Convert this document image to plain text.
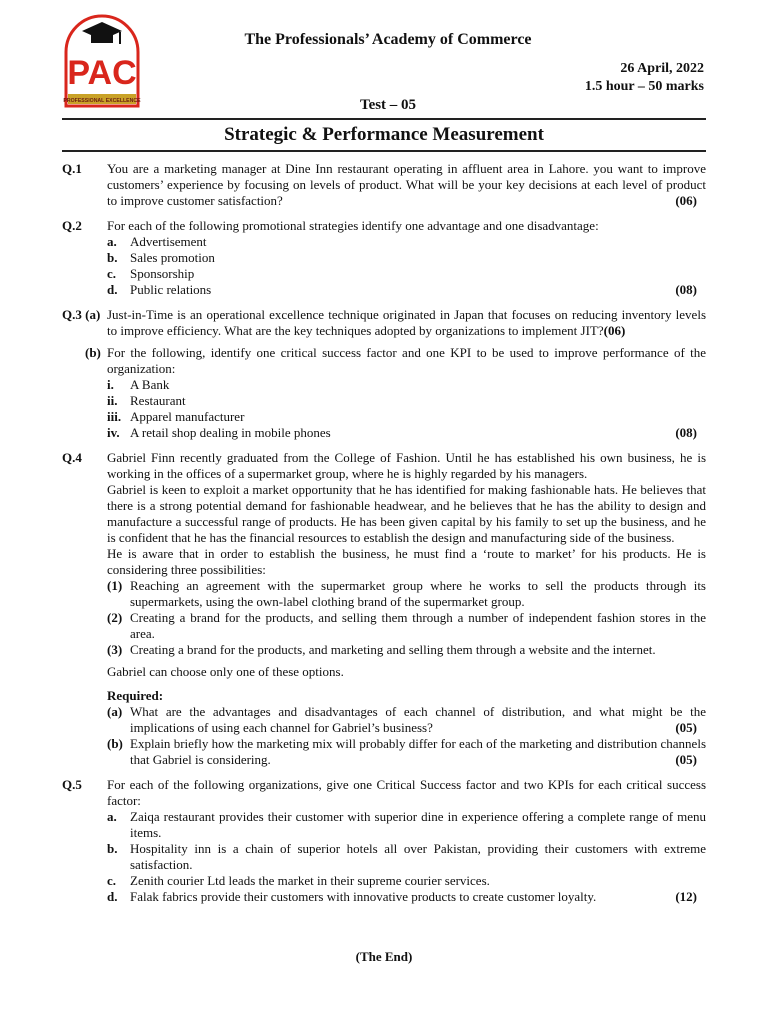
PAC
PROFESSIONAL EXCELLENCE
The Professionals’ Academy of Commerce
26 April, 2022
1.5 hour – 50 marks
Test – 05
Strategic & Performance Measurement
Q.1	You are a marketing manager at Dine Inn restaurant operating in affluent area in Lahore. you want to improve customers’ experience by focusing on levels of product. What will be your key decisions at each level of product to improve customer satisfaction?	(06)
Q.2	For each of the following promotional strategies identify one advantage and one disadvantage:

a.	Advertisement
b. Sales promotion
c.	Sponsorship
d. Public relations	(08)
Q.3 (a) Just-in-Time is an operational excellence technique originated in Japan that focuses on reducing inventory levels to improve efficiency. What are the key techniques adopted by organizations to implement JIT?(06)
(b) For the following, identify one critical success factor and one KPI to be used to improve performance of the organization:

i.	A Bank
ii. Restaurant
iii. Apparel manufacturer
iv. A retail shop dealing in mobile phones	(08)
Q.4	Gabriel Finn recently graduated from the College of Fashion. Until he has established his own business, he is working in the offices of a supermarket group, where he is highly regarded by his managers.

Gabriel is keen to exploit a market opportunity that he has identified for making fashionable hats. He believes that there is a strong potential demand for fashionable headwear, and he believes that he has the ability to design and manufacture a successful range of products. He has been given capital by his family to set up the business, and he is confident that he has the financial resources to establish the design and manufacturing side of the business.

He is aware that in order to establish the business, he must find a ‘route to market’ for his products. He is considering three possibilities:

(1) Reaching an agreement with the supermarket group where he works to sell the products through its supermarkets, using the own-label clothing brand of the supermarket group.
(2) Creating a brand for the products, and selling them through a number of independent fashion stores in the area.
(3) Creating a brand for the products, and marketing and selling them through a website and the internet.

Gabriel can choose only one of these options.

Required:

(a) What are the advantages and disadvantages of each channel of distribution, and what might be the implications of using each channel for Gabriel’s business?	(05)
(b) Explain briefly how the marketing mix will probably differ for each of the marketing and distribution channels that Gabriel is considering.	(05)
Q.5	For each of the following organizations, give one Critical Success factor and two KPIs for each critical success factor:

a.	Zaiqa restaurant provides their customer with superior dine in experience offering a complete range of menu items.
b. Hospitality inn is a chain of superior hotels all over Pakistan, providing their customers with extreme satisfaction.
c.	Zenith courier Ltd leads the market in their supreme courier services.
d. Falak fabrics provide their customers with innovative products to create customer loyalty.	(12)
(The End)
